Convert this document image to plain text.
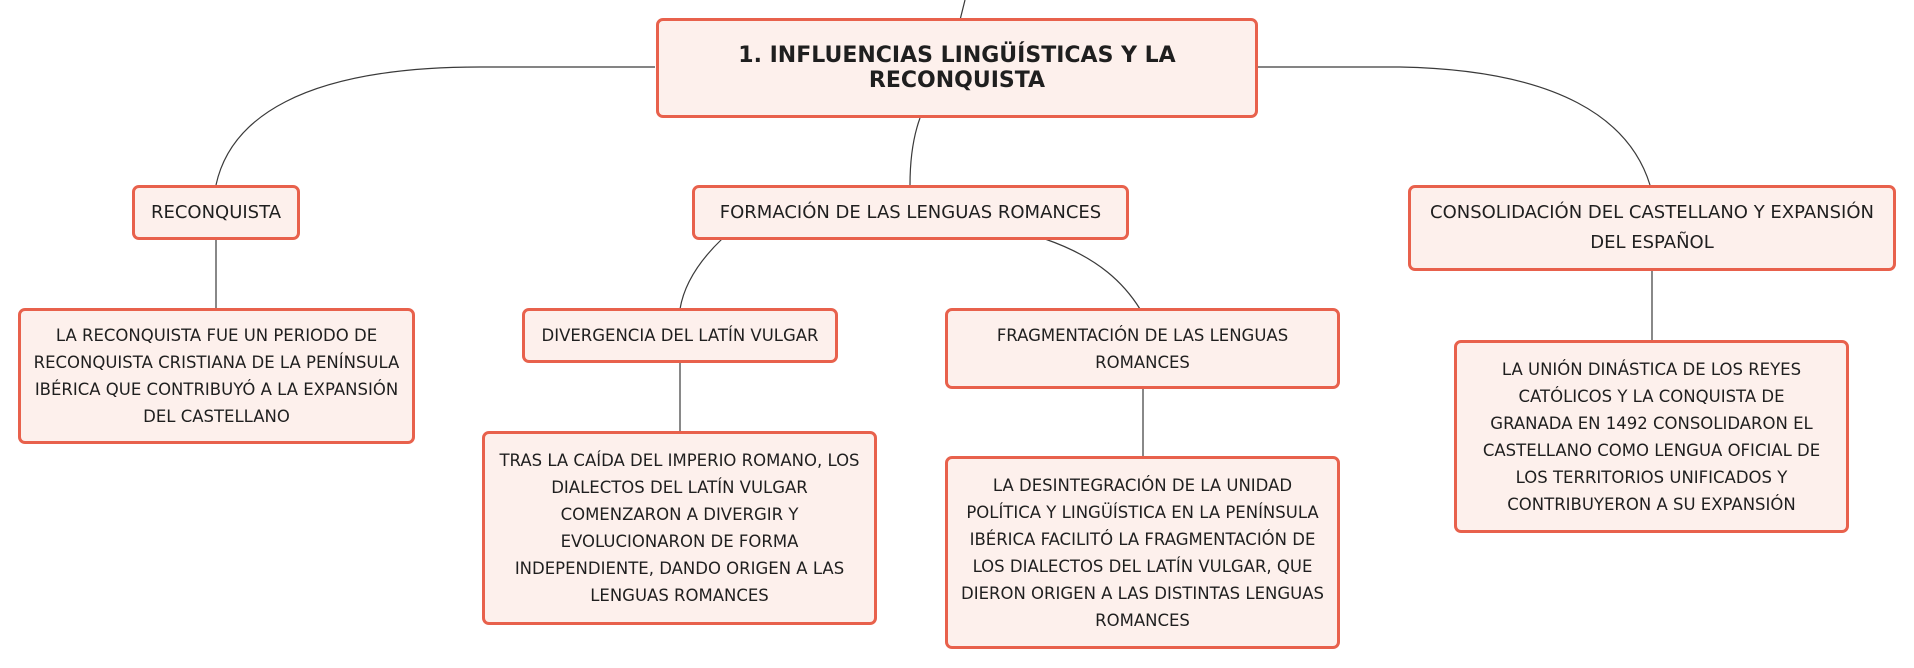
1. INFLUENCIAS LINGÜÍSTICAS Y LA RECONQUISTA
RECONQUISTA	FORMACIÓN DE LAS LENGUAS ROMANCES	CONSOLIDACIÓN DEL CASTELLANO Y EXPANSIÓN DEL ESPAÑOL
LA RECONQUISTA FUE UN PERIODO DE RECONQUISTA CRISTIANA DE LA PENÍNSULA IBÉRICA QUE CONTRIBUYÓ A LA EXPANSIÓN DEL CASTELLANO
DIVERGENCIA DEL LATÍN VULGAR	FRAGMENTACIÓN DE LAS LENGUAS ROMANCES
TRAS LA CAÍDA DEL IMPERIO ROMANO, LOS DIALECTOS DEL LATÍN VULGAR COMENZARON A DIVERGIR Y EVOLUCIONARON DE FORMA INDEPENDIENTE, DANDO ORIGEN A LAS LENGUAS ROMANCES
LA DESINTEGRACIÓN DE LA UNIDAD POLÍTICA Y LINGÜÍSTICA EN LA PENÍNSULA IBÉRICA FACILITÓ LA FRAGMENTACIÓN DE LOS DIALECTOS DEL LATÍN VULGAR, QUE DIERON ORIGEN A LAS DISTINTAS LENGUAS ROMANCES
LA UNIÓN DINÁSTICA DE LOS REYES CATÓLICOS Y LA CONQUISTA DE GRANADA EN 1492 CONSOLIDARON EL CASTELLANO COMO LENGUA OFICIAL DE LOS TERRITORIOS UNIFICADOS Y CONTRIBUYERON A SU EXPANSIÓN
